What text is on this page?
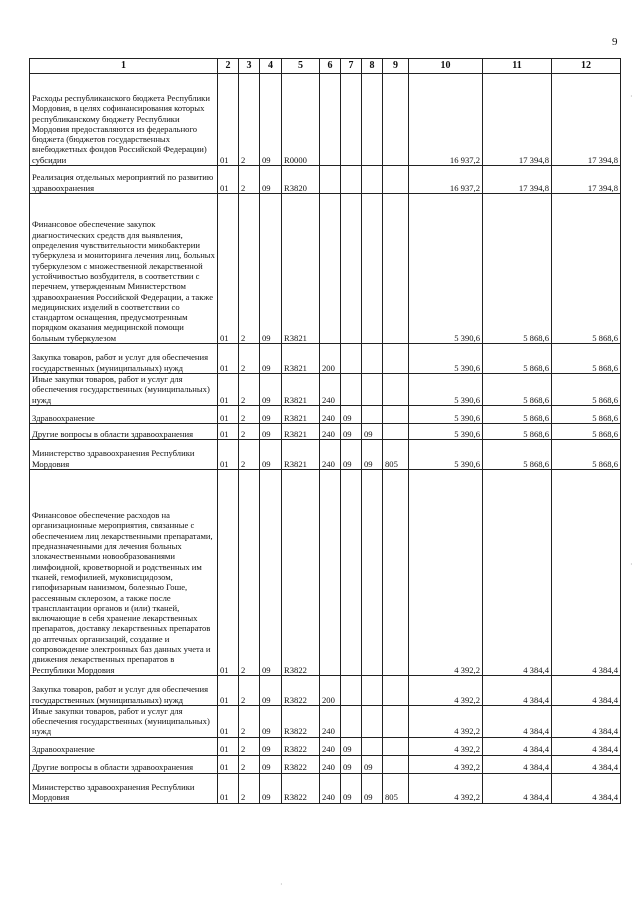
9
1	2	3	4	5	6	7	8	9	10	11	12
Расходы республиканского бюджета Республики Мордовия, в целях софинансирования которых республиканскому бюджету Республики Мордовия предоставляются из федерального бюджета (бюджетов государственных внебюджетных фондов Российской Федерации) субсидии	01	2	09	R0000					16 937,2	17 394,8	17 394,8
Реализация отдельных мероприятий по развитию здравоохранения	01	2	09	R3820					16 937,2	17 394,8	17 394,8
Финансовое обеспечение закупок диагностических средств для выявления, определения чувствительности микобактерии туберкулеза и мониторинга лечения лиц, больных туберкулезом с множественной лекарственной устойчивостью возбудителя, в соответствии с перечнем, утвержденным Министерством здравоохранения Российской Федерации, а также медицинских изделий в соответствии со стандартом оснащения, предусмотренным порядком оказания медицинской помощи больным туберкулезом	01	2	09	R3821					5 390,6	5 868,6	5 868,6
Закупка товаров, работ и услуг для обеспечения государственных (муниципальных) нужд	01	2	09	R3821	200				5 390,6	5 868,6	5 868,6
Иные закупки товаров, работ и услуг для обеспечения государственных (муниципальных) нужд	01	2	09	R3821	240				5 390,6	5 868,6	5 868,6
Здравоохранение	01	2	09	R3821	240	09			5 390,6	5 868,6	5 868,6
Другие вопросы в области здравоохранения	01	2	09	R3821	240	09	09		5 390,6	5 868,6	5 868,6
Министерство здравоохранения Республики Мордовия	01	2	09	R3821	240	09	09	805	5 390,6	5 868,6	5 868,6
Финансовое обеспечение расходов на организационные мероприятия, связанные с обеспечением лиц лекарственными препаратами, предназначенными для лечения больных злокачественными новообразованиями лимфоидной, кроветворной и родственных им тканей, гемофилией, муковисцидозом, гипофизарным нанизмом, болезнью Гоше, рассеянным склерозом, а также после трансплантации органов и (или) тканей, включающие в себя хранение лекарственных препаратов, доставку лекарственных препаратов до аптечных организаций, создание и сопровождение электронных баз данных учета и движения лекарственных препаратов в Республики Мордовия	01	2	09	R3822					4 392,2	4 384,4	4 384,4
Закупка товаров, работ и услуг для обеспечения государственных (муниципальных) нужд	01	2	09	R3822	200				4 392,2	4 384,4	4 384,4
Иные закупки товаров, работ и услуг для обеспечения государственных (муниципальных) нужд	01	2	09	R3822	240				4 392,2	4 384,4	4 384,4
Здравоохранение	01	2	09	R3822	240	09			4 392,2	4 384,4	4 384,4
Другие вопросы в области здравоохранения	01	2	09	R3822	240	09	09		4 392,2	4 384,4	4 384,4
Министерство здравоохранения Республики Мордовия	01	2	09	R3822	240	09	09	805	4 392,2	4 384,4	4 384,4
·
·
·
